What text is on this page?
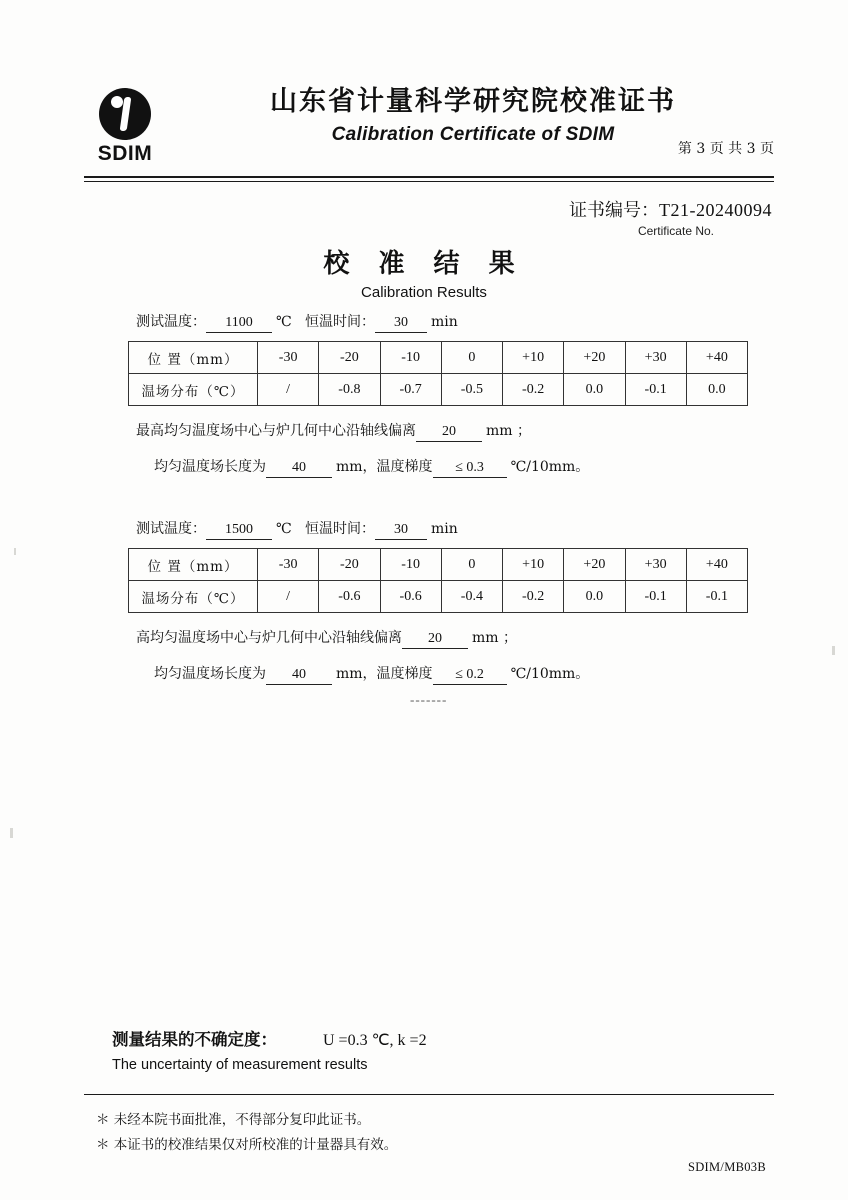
SDIM
山东省计量科学研究院校准证书
Calibration Certificate of SDIM
第 3 页 共 3 页
证书编号：T21-20240094
Certificate No.
校 准 结 果
Calibration Results
测试温度： 1100 ℃ 恒温时间： 30 min
位 置（mm）	-30	-20	-10	0	+10	+20	+30	+40
温场分布（℃）	/	-0.8	-0.7	-0.5	-0.2	0.0	-0.1	0.0
最高均匀温度场中心与炉几何中心沿轴线偏离 20 mm ；
均匀温度场长度为 40 mm，温度梯度 ≤ 0.3 ℃/10mm。
测试温度： 1500 ℃ 恒温时间： 30 min
位 置（mm）	-30	-20	-10	0	+10	+20	+30	+40
温场分布（℃）	/	-0.6	-0.6	-0.4	-0.2	0.0	-0.1	-0.1
高均匀温度场中心与炉几何中心沿轴线偏离 20 mm ；
均匀温度场长度为 40 mm，温度梯度 ≤ 0.2 ℃/10mm。
-------
测量结果的不确定度：	U =0.3 ℃, k =2
The uncertainty of measurement results
＊ 未经本院书面批准，不得部分复印此证书。
＊ 本证书的校准结果仅对所校准的计量器具有效。
SDIM/MB03B
